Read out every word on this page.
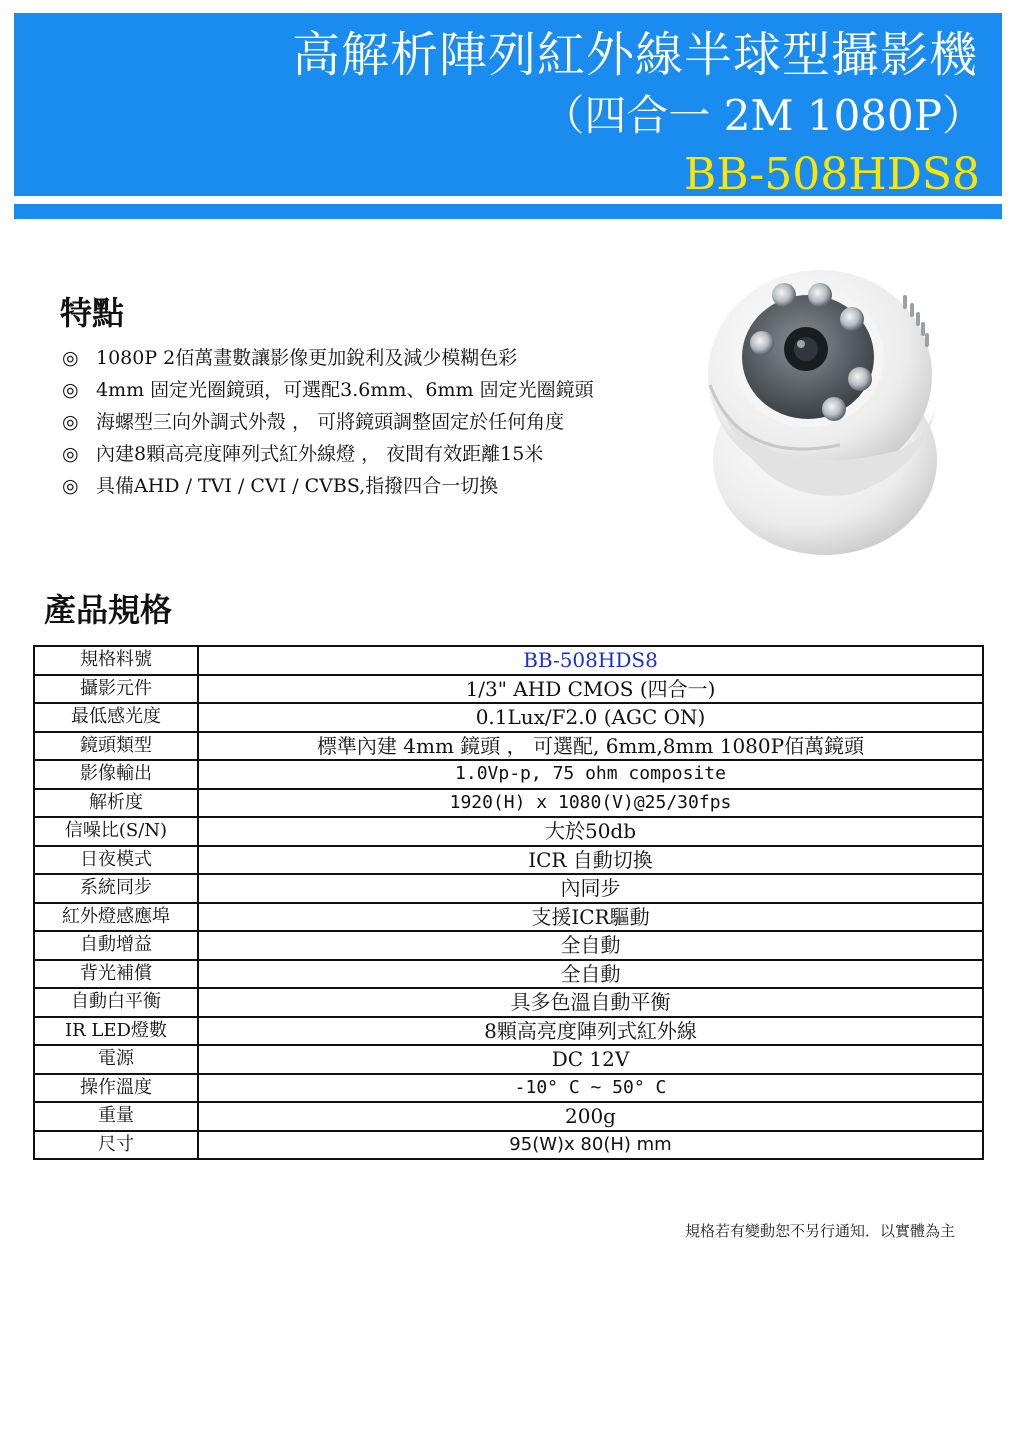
高解析陣列紅外線半球型攝影機
（四合一 2M 1080P）
BB-508HDS8
特點
◎ 1080P 2佰萬畫數讓影像更加銳利及減少模糊色彩
◎ 4mm 固定光圈鏡頭，可選配3.6mm、6mm 固定光圈鏡頭
◎ 海螺型三向外調式外殼 ， 可將鏡頭調整固定於任何角度
◎ 內建8顆高亮度陣列式紅外線燈 ， 夜間有效距離15米
◎ 具備AHD / TVI / CVI / CVBS,指撥四合一切換
產品規格
規格料號	BB-508HDS8
攝影元件	1/3" AHD CMOS (四合一)
最低感光度	0.1Lux/F2.0 (AGC ON)
鏡頭類型	標準內建 4mm 鏡頭 ， 可選配, 6mm,8mm 1080P佰萬鏡頭
影像輸出	1.0Vp-p, 75 ohm composite
解析度	1920(H) x 1080(V)@25/30fps
信噪比(S/N)	大於50db
日夜模式	ICR 自動切換
系統同步	內同步
紅外燈感應埠	支援ICR驅動
自動增益	全自動
背光補償	全自動
自動白平衡	具多色溫自動平衡
IR LED燈數	8顆高亮度陣列式紅外線
電源	DC 12V
操作溫度	-10° C ~ 50° C
重量	200g
尺寸	95(W)x 80(H) mm
規格若有變動恕不另行通知．以實體為主
